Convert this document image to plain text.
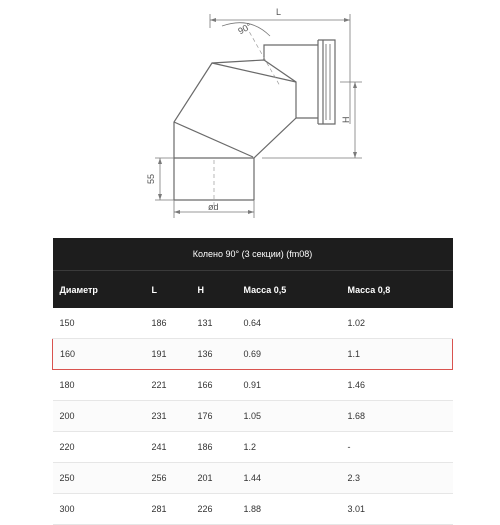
L
90°
H
55
ød
Колено 90° (3 секции) (fm08)				
Диаметр	L	H	Масса 0,5	Масса 0,8
150	186	131	0.64	1.02
160	191	136	0.69	1.1
180	221	166	0.91	1.46
200	231	176	1.05	1.68
220	241	186	1.2	-
250	256	201	1.44	2.3
300	281	226	1.88	3.01
